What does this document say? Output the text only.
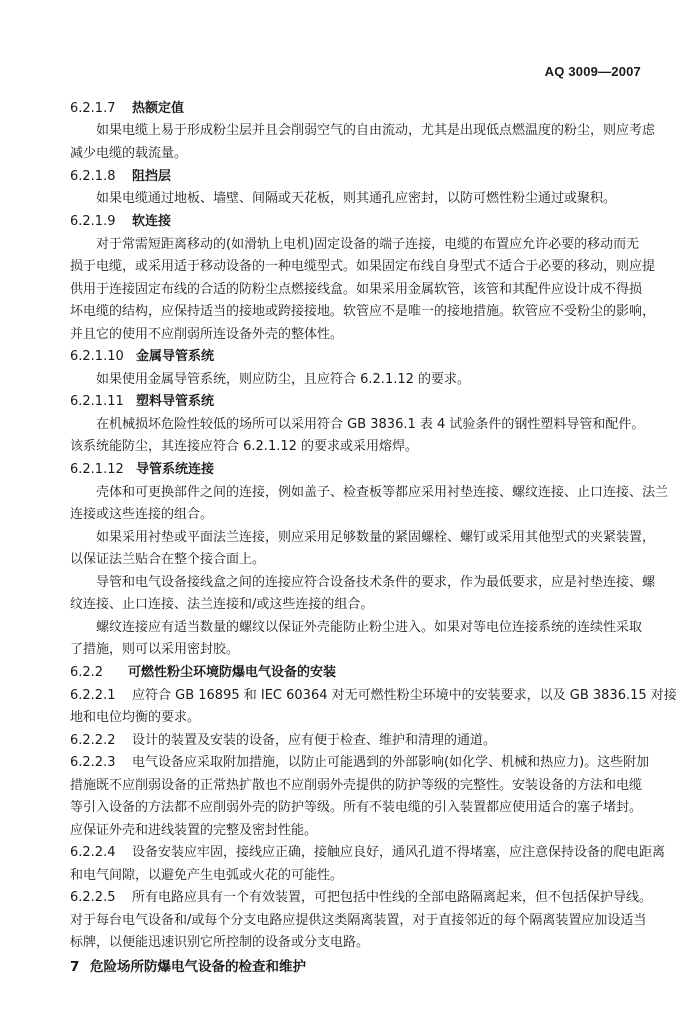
AQ 3009—2007
6.2.1.7 热额定值
如果电缆上易于形成粉尘层并且会削弱空气的自由流动，尤其是出现低点燃温度的粉尘，则应考虑
减少电缆的载流量。
6.2.1.8 阻挡层
如果电缆通过地板、墙壁、间隔或天花板，则其通孔应密封，以防可燃性粉尘通过或聚积。
6.2.1.9 软连接
对于常需短距离移动的(如滑轨上电机)固定设备的端子连接，电缆的布置应允许必要的移动而无
损于电缆，或采用适于移动设备的一种电缆型式。如果固定布线自身型式不适合于必要的移动，则应提
供用于连接固定布线的合适的防粉尘点燃接线盒。如果采用金属软管，该管和其配件应设计成不得损
坏电缆的结构，应保持适当的接地或跨接接地。软管应不是唯一的接地措施。软管应不受粉尘的影响，
并且它的使用不应削弱所连设备外壳的整体性。
6.2.1.10 金属导管系统
如果使用金属导管系统，则应防尘，且应符合 6.2.1.12 的要求。
6.2.1.11 塑料导管系统
在机械损坏危险性较低的场所可以采用符合 GB 3836.1 表 4 试验条件的钢性塑料导管和配件。
该系统能防尘，其连接应符合 6.2.1.12 的要求或采用熔焊。
6.2.1.12 导管系统连接
壳体和可更换部件之间的连接，例如盖子、检查板等都应采用衬垫连接、螺纹连接、止口连接、法兰
连接或这些连接的组合。
如果采用衬垫或平面法兰连接，则应采用足够数量的紧固螺栓、螺钉或采用其他型式的夹紧装置，
以保证法兰贴合在整个接合面上。
导管和电气设备接线盒之间的连接应符合设备技术条件的要求，作为最低要求，应是衬垫连接、螺
纹连接、止口连接、法兰连接和/或这些连接的组合。
螺纹连接应有适当数量的螺纹以保证外壳能防止粉尘进入。如果对等电位连接系统的连续性采取
了措施，则可以采用密封胶。
6.2.2 可燃性粉尘环境防爆电气设备的安装
6.2.2.1 应符合 GB 16895 和 IEC 60364 对无可燃性粉尘环境中的安装要求，以及 GB 3836.15 对接
地和电位均衡的要求。
6.2.2.2 设计的装置及安装的设备，应有便于检查、维护和清理的通道。
6.2.2.3 电气设备应采取附加措施，以防止可能遇到的外部影响(如化学、机械和热应力)。这些附加
措施既不应削弱设备的正常热扩散也不应削弱外壳提供的防护等级的完整性。安装设备的方法和电缆
等引入设备的方法都不应削弱外壳的防护等级。所有不装电缆的引入装置都应使用适合的塞子堵封。
应保证外壳和进线装置的完整及密封性能。
6.2.2.4 设备安装应牢固，接线应正确，接触应良好，通风孔道不得堵塞，应注意保持设备的爬电距离
和电气间隙，以避免产生电弧或火花的可能性。
6.2.2.5 所有电路应具有一个有效装置，可把包括中性线的全部电路隔离起来，但不包括保护导线。
对于每台电气设备和/或每个分支电路应提供这类隔离装置，对于直接邻近的每个隔离装置应加设适当
标牌，以便能迅速识别它所控制的设备或分支电路。
7 危险场所防爆电气设备的检查和维护
